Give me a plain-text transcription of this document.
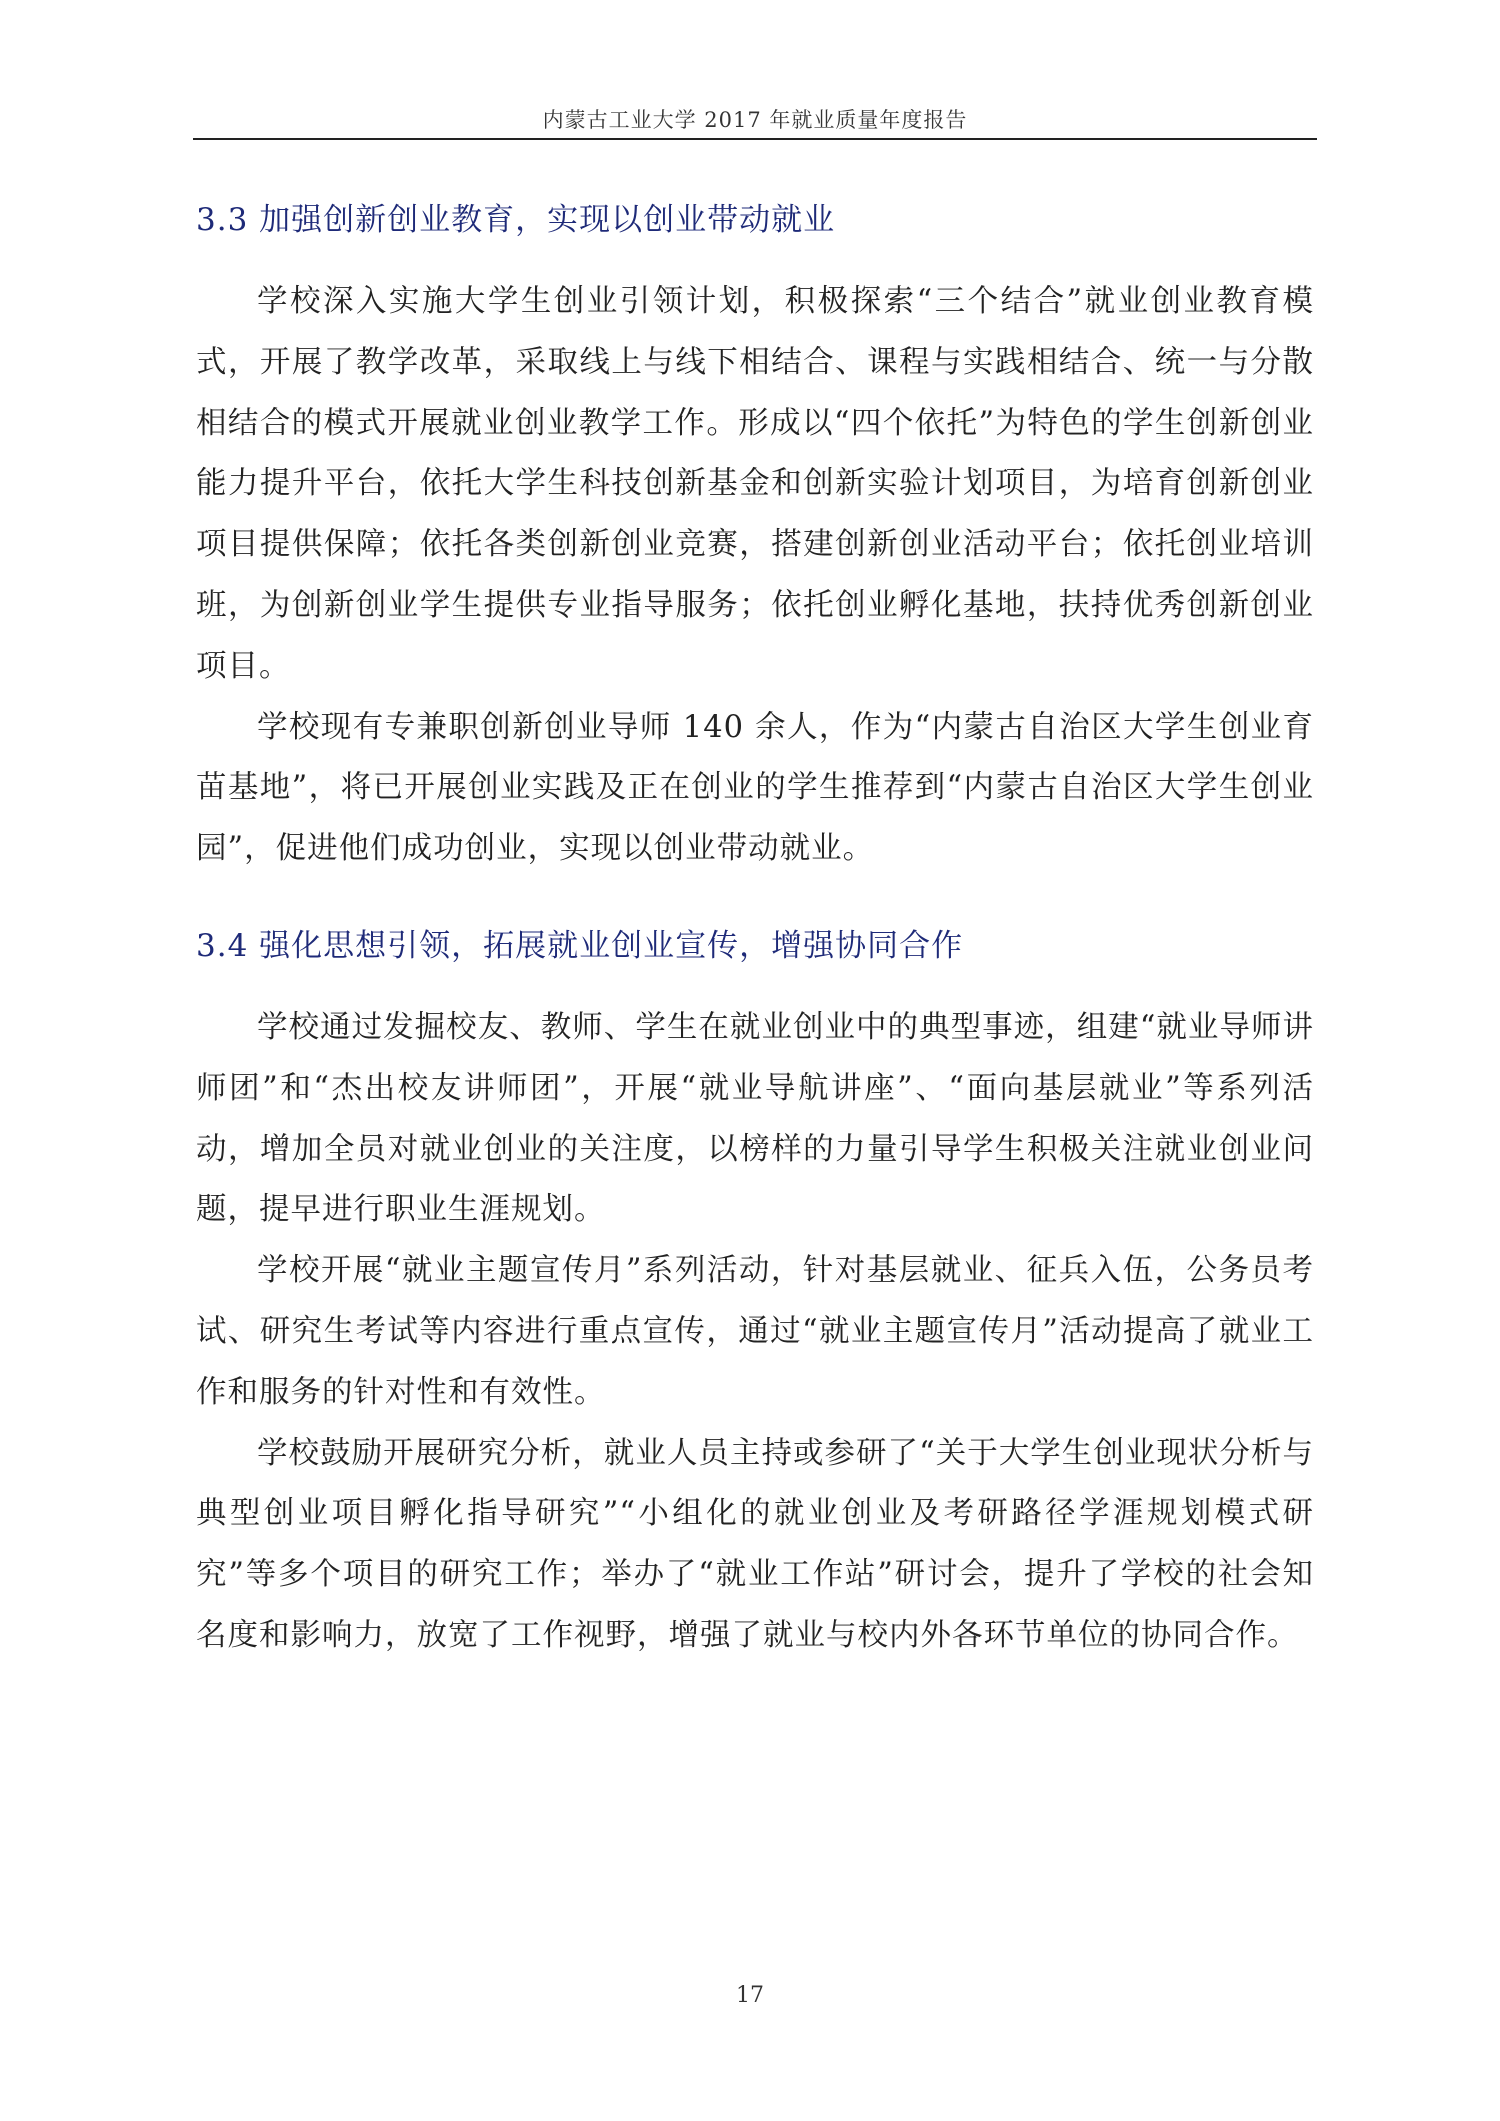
内蒙古工业大学 2017 年就业质量年度报告
3.3 加强创新创业教育，实现以创业带动就业

学校深入实施大学生创业引领计划，积极探索“三个结合”就业创业教育模式，开展了教学改革，采取线上与线下相结合、课程与实践相结合、统一与分散相结合的模式开展就业创业教学工作。形成以“四个依托”为特色的学生创新创业能力提升平台，依托大学生科技创新基金和创新实验计划项目，为培育创新创业项目提供保障；依托各类创新创业竞赛，搭建创新创业活动平台；依托创业培训班，为创新创业学生提供专业指导服务；依托创业孵化基地，扶持优秀创新创业项目。

学校现有专兼职创新创业导师 140 余人，作为“内蒙古自治区大学生创业育苗基地”，将已开展创业实践及正在创业的学生推荐到“内蒙古自治区大学生创业园”，促进他们成功创业，实现以创业带动就业。

3.4 强化思想引领，拓展就业创业宣传，增强协同合作

学校通过发掘校友、教师、学生在就业创业中的典型事迹，组建“就业导师讲师团”和“杰出校友讲师团”，开展“就业导航讲座”、“面向基层就业”等系列活动，增加全员对就业创业的关注度，以榜样的力量引导学生积极关注就业创业问题，提早进行职业生涯规划。

学校开展“就业主题宣传月”系列活动，针对基层就业、征兵入伍，公务员考试、研究生考试等内容进行重点宣传，通过“就业主题宣传月”活动提高了就业工作和服务的针对性和有效性。

学校鼓励开展研究分析，就业人员主持或参研了“关于大学生创业现状分析与典型创业项目孵化指导研究”“小组化的就业创业及考研路径学涯规划模式研究”等多个项目的研究工作；举办了“就业工作站”研讨会，提升了学校的社会知名度和影响力，放宽了工作视野，增强了就业与校内外各环节单位的协同合作。

17
